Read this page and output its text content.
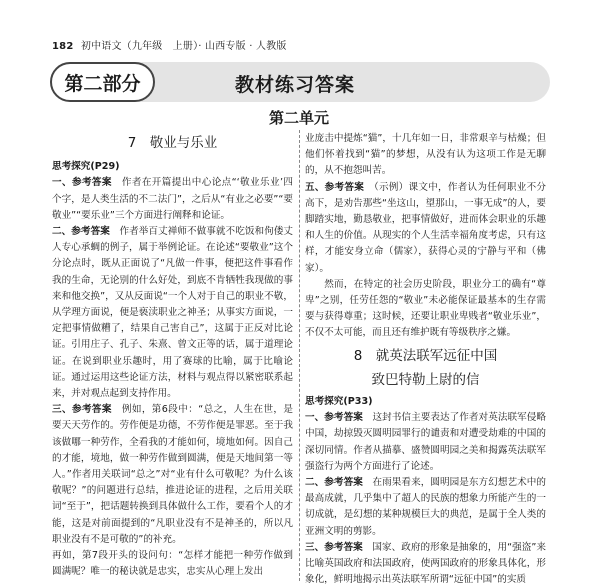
182 初中语文（九年级　上册）· 山西专版 · 人教版
第二部分	教材练习答案
第二单元
7　敬业与乐业
思考探究(P29)
一、参考答案　作者在开篇提出中心论点“‘敬业乐业’四个字，是人类生活的不二法门”，之后从“有业之必要”“要敬业”“要乐业”三个方面进行阐释和论证。
二、参考答案　作者举百丈禅师不做事就不吃饭和佝偻丈人专心承蜩的例子，属于举例论证。在论述“要敬业”这个分论点时，既从正面说了“凡做一件事，便把这件事看作我的生命，无论别的什么好处，到底不肯牺牲我现做的事来和他交换”，又从反面说“一个人对于自己的职业不敬，从学理方面说，便是亵渎职业之神圣；从事实方面说，一定把事情做糟了，结果自己害自己”，这属于正反对比论证。引用庄子、孔子、朱熹、曾文正等的话，属于道理论证。在说到职业乐趣时，用了赛球的比喻，属于比喻论证。通过运用这些论证方法，材料与观点得以紧密联系起来，并对观点起到支持作用。
三、参考答案　例如，第6段中：“总之，人生在世，是要天天劳作的。劳作便是功德，不劳作便是罪恶。至于我该做哪一种劳作，全看我的才能如何，境地如何。因自己的才能，境地，做一种劳作做到圆满，便是天地间第一等人。”作者用关联词“总之”对“业有什么可敬呢？为什么该敬呢？”的问题进行总结，推进论证的进程，之后用关联词“至于”，把话题转换到具体做什么工作，要看个人的才能，这是对前面提到的“凡职业没有不是神圣的，所以凡职业没有不是可敬的”的补充。
再如，第7段开头的设问句：“怎样才能把一种劳作做到圆满呢？唯一的秘诀就是忠实，忠实从心理上发出
业庞击中提炼“猫”，十几年如一日，非常艰辛与枯燥；但他们怀着找到“猫”的梦想，从没有认为这项工作是无聊的，从不抱怨叫苦。
五、参考答案　（示例）课文中，作者认为任何职业不分高下，是劝告那些“坐这山，望那山，一事无成”的人，要脚踏实地，勤恳敬业，把事情做好，进而体会职业的乐趣和人生的价值。从现实的个人生活幸福角度考虑，只有这样，才能安身立命（儒家），获得心灵的宁静与平和（佛家）。
然而，在特定的社会历史阶段，职业分工的确有“尊卑”之别，任劳任怨的“敬业”未必能保证最基本的生存需要与获得尊重；这时候，还要让职业卑贱者“敬业乐业”，不仅不太可能，而且还有维护既有等级秩序之嫌。
8　就英法联军远征中国
致巴特勒上尉的信
思考探究(P33)
一、参考答案　这封书信主要表达了作者对英法联军侵略中国，劫掠毁灭圆明园罪行的谴责和对遭受劫难的中国的深切同情。作者从描摹、盛赞圆明园之美和揭露英法联军强盗行为两个方面进行了论述。
二、参考答案　在雨果看来，圆明园是东方幻想艺术中的最高成就，几乎集中了超人的民族的想象力所能产生的一切成就，是幻想的某种规模巨大的典范，是属于全人类的亚洲文明的剪影。
三、参考答案　国家、政府的形象是抽象的，用“强盗”来比喻英国政府和法国政府，使两国政府的形象具体化，形象化，鲜明地揭示出英法联军所谓“远征中国”的实质
